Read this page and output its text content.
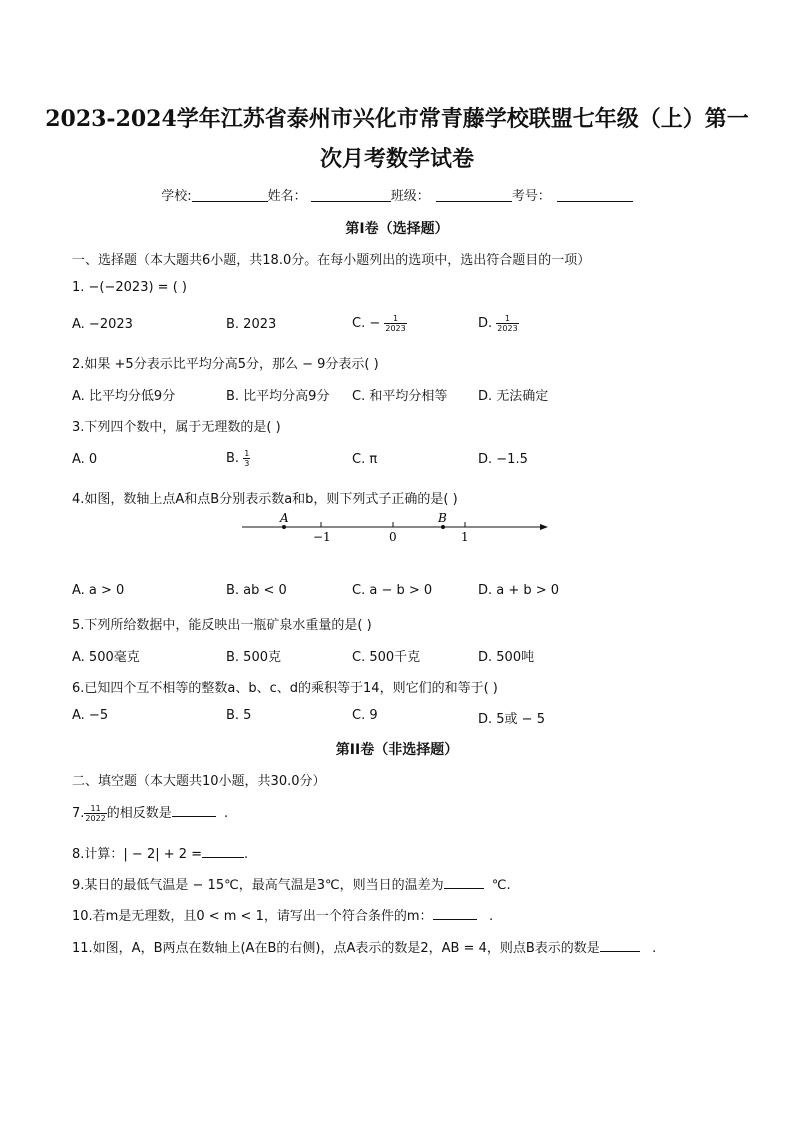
2023-2024学年江苏省泰州市兴化市常青藤学校联盟七年级（上）第一
次月考数学试卷
学校:	姓名：	班级：	考号：
第I卷（选择题）
一、选择题（本大题共6小题，共18.0分。在每小题列出的选项中，选出符合题目的一项）
1. −(−2023) = ( )
A. −2023	B. 2023	C. − $\frac{1}{2023}$	D. $\frac{1}{2023}$
2.如果 +5分表示比平均分高5分，那么 − 9分表示( )
A. 比平均分低9分	B. 比平均分高9分 C. 和平均分相等 D. 无法确定
3.下列四个数中，属于无理数的是( )
A. 0	B. $\frac{1}{3}$	C. π	D. −1.5
4.如图，数轴上点A和点B分别表示数a和b，则下列式子正确的是( )
A	B
−1	0	1
A. a > 0	B. ab < 0	C. a − b > 0	D. a + b > 0
5.下列所给数据中，能反映出一瓶矿泉水重量的是( )
A. 500毫克	B. 500克	C. 500千克	D. 500吨
6.已知四个互不相等的整数a、b、c、d的乘积等于14，则它们的和等于( )
A. −5	B. 5	C. 9	D. 5或 − 5
第II卷（非选择题）
二、填空题（本大题共10小题，共30.0分）
7. $\frac{11}{2022}$ 的相反数是	.
8.计算：| − 2| + 2 =	.
9.某日的最低气温是 − 15℃，最高气温是3℃，则当日的温差为	℃.
10.若m是无理数，且0 < m < 1，请写出一个符合条件的m：	.
11.如图，A，B两点在数轴上(A在B的右侧)，点A表示的数是2，AB = 4，则点B表示的数是	.
